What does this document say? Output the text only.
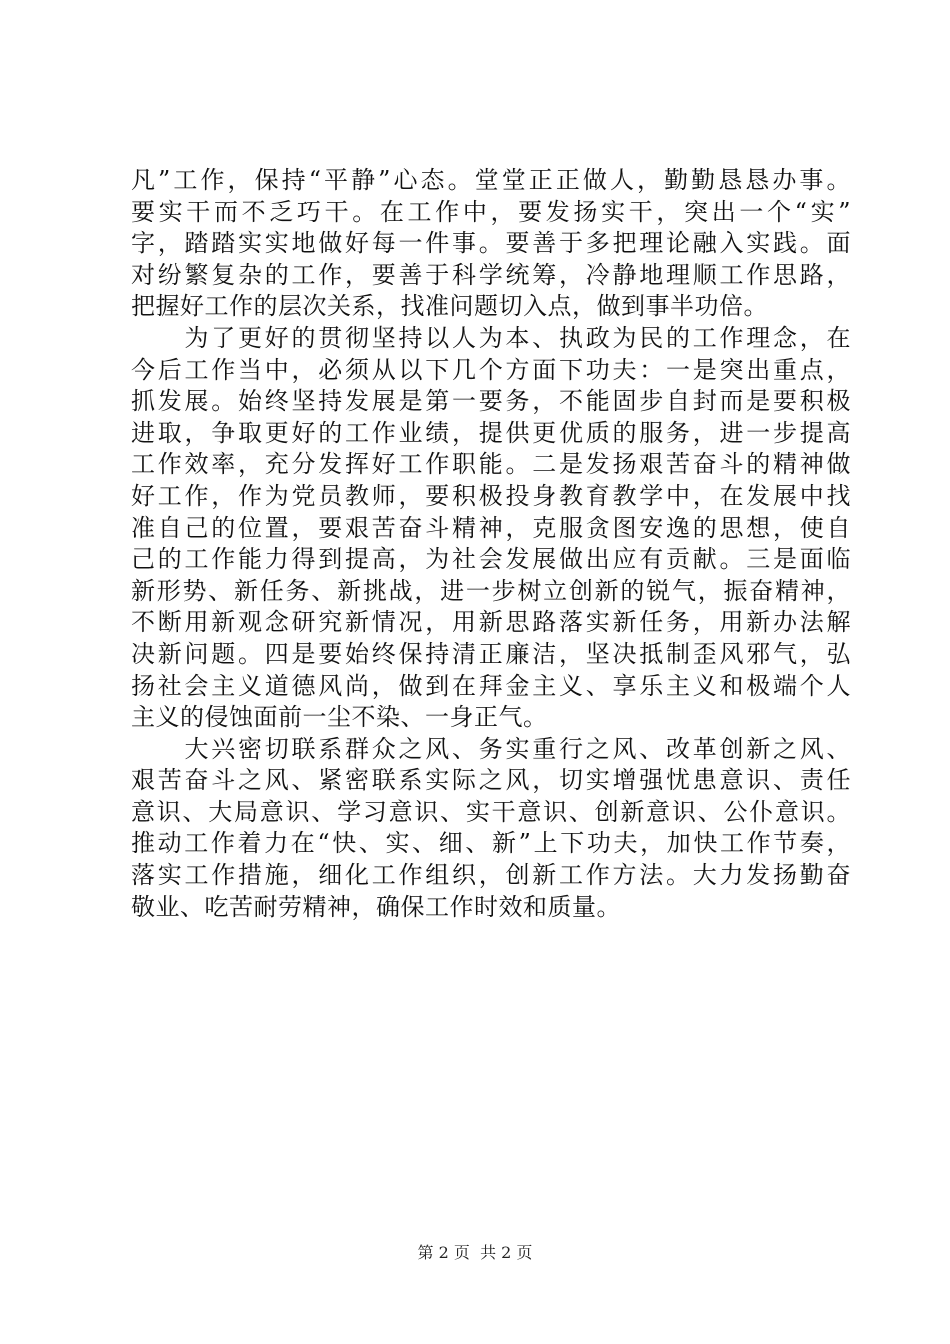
凡”工作，保持“平静”心态。堂堂正正做人，勤勤恳恳办事。
要实干而不乏巧干。在工作中，要发扬实干，突出一个“实”
字，踏踏实实地做好每一件事。要善于多把理论融入实践。面
对纷繁复杂的工作，要善于科学统筹，冷静地理顺工作思路，
把握好工作的层次关系，找准问题切入点，做到事半功倍。
　　为了更好的贯彻坚持以人为本、执政为民的工作理念，在
今后工作当中，必须从以下几个方面下功夫：一是突出重点，
抓发展。始终坚持发展是第一要务，不能固步自封而是要积极
进取，争取更好的工作业绩，提供更优质的服务，进一步提高
工作效率，充分发挥好工作职能。二是发扬艰苦奋斗的精神做
好工作，作为党员教师，要积极投身教育教学中，在发展中找
准自己的位置，要艰苦奋斗精神，克服贪图安逸的思想，使自
己的工作能力得到提高，为社会发展做出应有贡献。三是面临
新形势、新任务、新挑战，进一步树立创新的锐气，振奋精神，
不断用新观念研究新情况，用新思路落实新任务，用新办法解
决新问题。四是要始终保持清正廉洁，坚决抵制歪风邪气，弘
扬社会主义道德风尚，做到在拜金主义、享乐主义和极端个人
主义的侵蚀面前一尘不染、一身正气。
　　大兴密切联系群众之风、务实重行之风、改革创新之风、
艰苦奋斗之风、紧密联系实际之风，切实增强忧患意识、责任
意识、大局意识、学习意识、实干意识、创新意识、公仆意识。
推动工作着力在“快、实、细、新”上下功夫，加快工作节奏，
落实工作措施，细化工作组织，创新工作方法。大力发扬勤奋
敬业、吃苦耐劳精神，确保工作时效和质量。
第 2 页  共 2 页
